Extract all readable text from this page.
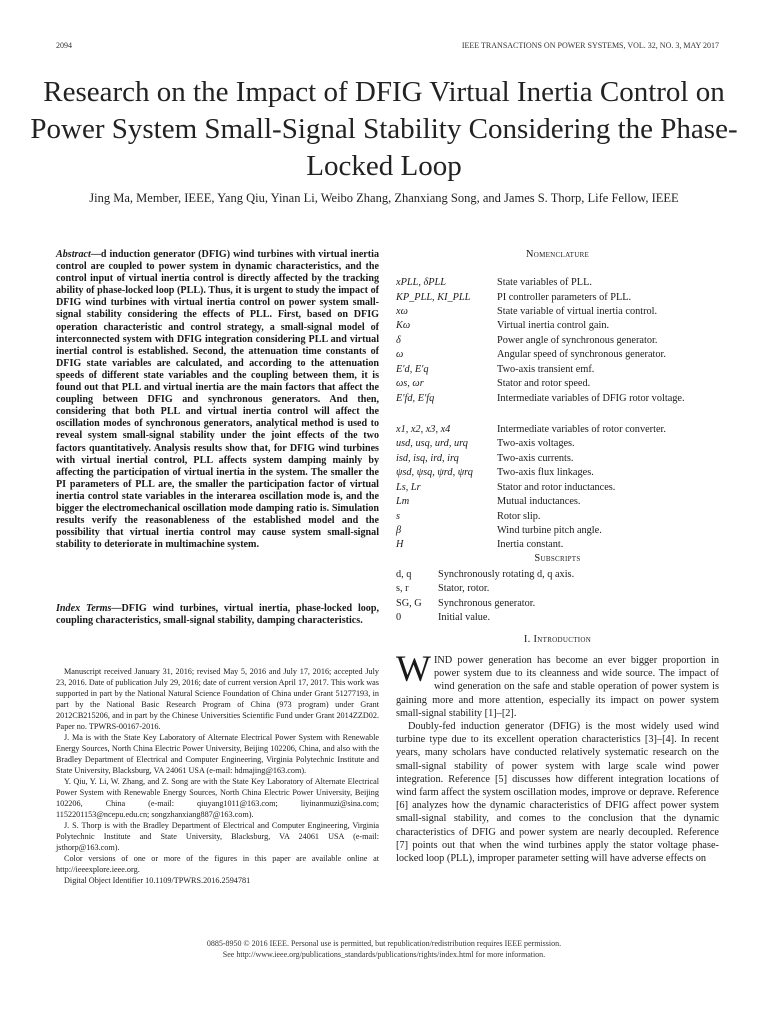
2094	IEEE TRANSACTIONS ON POWER SYSTEMS, VOL. 32, NO. 3, MAY 2017
Research on the Impact of DFIG Virtual Inertia Control on Power System Small-Signal Stability Considering the Phase-Locked Loop
Jing Ma, Member, IEEE, Yang Qiu, Yinan Li, Weibo Zhang, Zhanxiang Song, and James S. Thorp, Life Fellow, IEEE
Abstract—d induction generator (DFIG) wind turbines with virtual inertia control are coupled to power system in dynamic characteristics, and the control input of virtual inertia control is directly affected by the tracking ability of phase-locked loop (PLL). Thus, it is urgent to study the impact of DFIG wind turbines with virtual inertia control on power system small-signal stability considering the effects of PLL. First, based on DFIG operation characteristic and control strategy, a small-signal model of interconnected system with DFIG integration considering PLL and virtual inertial control is established. Second, the attenuation time constants of DFIG state variables are calculated, and according to the attenuation speeds of different state variables and the coupling between them, it is found out that PLL and virtual inertia are the main factors that affect the coupling between DFIG and synchronous generators. And then, considering that both PLL and virtual inertia control will affect the oscillation modes of synchronous generators, analytical method is used to reveal system small-signal stability under the joint effects of the two factors quantitatively. Analysis results show that, for DFIG wind turbines with virtual inertial control, PLL affects system damping mainly by affecting the participation of virtual inertia in the system. The smaller the PI parameters of PLL are, the smaller the participation factor of virtual inertia control state variables in the interarea oscillation mode is, and the bigger the electromechanical oscillation mode damping ratio is. Simulation results verify the reasonableness of the established model and the possibility that virtual inertia control may cause system small-signal stability to deteriorate in multimachine system.
Index Terms—DFIG wind turbines, virtual inertia, phase-locked loop, coupling characteristics, small-signal stability, damping characteristics.

Manuscript received January 31, 2016; revised May 5, 2016 and July 17, 2016; accepted July 23, 2016. Date of publication July 29, 2016; date of current version April 17, 2017. This work was supported in part by the National Natural Science Foundation of China under Grant 51277193, in part by the National Basic Research Program of China (973 program) under Grant 2012CB215206, and in part by the Chinese Universities Scientific Fund under Grant 2014ZZD02. Paper no. TPWRS-00167-2016.

J. Ma is with the State Key Laboratory of Alternate Electrical Power System with Renewable Energy Sources, North China Electric Power University, Beijing 102206, China, and also with the Bradley Department of Electrical and Computer Engineering, Virginia Polytechnic Institute and State University, Blacksburg, VA 24061 USA (e-mail: hdmajing@163.com).

Y. Qiu, Y. Li, W. Zhang, and Z. Song are with the State Key Laboratory of Alternate Electrical Power System with Renewable Energy Sources, North China Electric Power University, Beijing 102206, China (e-mail: qiuyang1011@163.com; liyinanmuzi@sina.com; 1152201153@ncepu.edu.cn; songzhanxiang887@163.com).

J. S. Thorp is with the Bradley Department of Electrical and Computer Engineering, Virginia Polytechnic Institute and State University, Blacksburg, VA 24061 USA (e-mail: jsthorp@163.com).

Color versions of one or more of the figures in this paper are available online at http://ieeexplore.ieee.org.

Digital Object Identifier 10.1109/TPWRS.2016.2594781

Nomenclature
xPLL, δPLL	State variables of PLL.
KP_PLL, KI_PLL	PI controller parameters of PLL.
xω	State variable of virtual inertia control.
Kω	Virtual inertia control gain.
δ	Power angle of synchronous generator.
ω	Angular speed of synchronous generator.
E′d, E′q	Two-axis transient emf.
ωs, ωr	Stator and rotor speed.
E′fd, E′fq	Intermediate variables of DFIG rotor voltage.
x1, x2, x3, x4	Intermediate variables of rotor converter.
usd, usq, urd, urq	Two-axis voltages.
isd, isq, ird, irq	Two-axis currents.
ψsd, ψsq, ψrd, ψrq	Two-axis flux linkages.
Ls, Lr	Stator and rotor inductances.
Lm	Mutual inductances.
s	Rotor slip.
β	Wind turbine pitch angle.
H	Inertia constant.
Subscripts
d, q	Synchronously rotating d, q axis.
s, r	Stator, rotor.
SG, G	Synchronous generator.
0	Initial value.
I. Introduction

WIND power generation has become an ever bigger proportion in power system due to its cleanness and wide source. The impact of wind generation on the safe and stable operation of power system is gaining more and more attention, especially its impact on power system small-signal stability [1]–[2].

Doubly-fed induction generator (DFIG) is the most widely used wind turbine type due to its excellent operation characteristics [3]–[4]. In recent years, many scholars have conducted relatively systematic research on the small-signal stability of power system with large scale wind power integration. Reference [5] discusses how different integration locations of wind farm affect the system oscillation modes, improve or deprave. Reference [6] analyzes how the dynamic characteristics of DFIG affect power system small-signal stability, and comes to the conclusion that the dynamic characteristics of DFIG and power system are nearly decoupled. Reference [7] points out that when the wind turbines apply the stator voltage phase-locked loop (PLL), improper parameter setting will have adverse effects on

0885-8950 © 2016 IEEE. Personal use is permitted, but republication/redistribution requires IEEE permission.
See http://www.ieee.org/publications_standards/publications/rights/index.html for more information.
